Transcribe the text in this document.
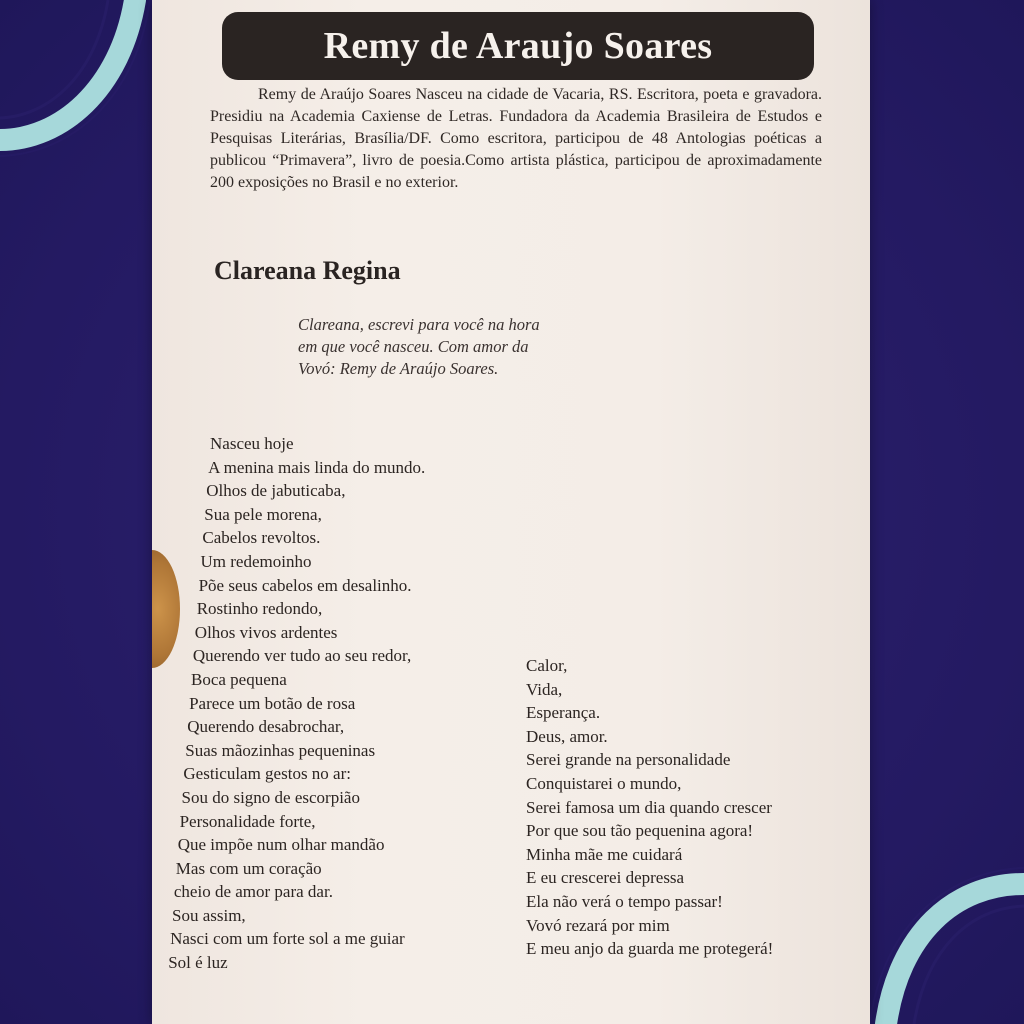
Remy de Araujo Soares

Remy de Araújo Soares Nasceu na cidade de Vacaria, RS. Escritora, poeta e gravadora. Presidiu na Academia Caxiense de Letras. Fundadora da Academia Brasileira de Estudos e Pesquisas Literárias, Brasília/DF. Como escritora, participou de 48 Antologias poéticas a publicou “Primavera”, livro de poesia.Como artista plástica, participou de aproximadamente 200 exposições no Brasil e no exterior.

Clareana Regina

Clareana, escrevi para você na hora

em que você nasceu. Com amor da

Vovó: Remy de Araújo Soares.

Nasceu hoje
A menina mais linda do mundo.
Olhos de jabuticaba,
Sua pele morena,
Cabelos revoltos.
Um redemoinho
Põe seus cabelos em desalinho.
Rostinho redondo,
Olhos vivos ardentes
Querendo ver tudo ao seu redor,
Boca pequena
Parece um botão de rosa
Querendo desabrochar,
Suas mãozinhas pequeninas
Gesticulam gestos no ar:
Sou do signo de escorpião
Personalidade forte,
Que impõe num olhar mandão
Mas com um coração
cheio de amor para dar.
Sou assim,
Nasci com um forte sol a me guiar
Sol é luz
Calor,
Vida,
Esperança.
Deus, amor.
Serei grande na personalidade
Conquistarei o mundo,
Serei famosa um dia quando crescer
Por que sou tão pequenina agora!
Minha mãe me cuidará
E eu crescerei depressa
Ela não verá o tempo passar!
Vovó rezará por mim
E meu anjo da guarda me protegerá!
